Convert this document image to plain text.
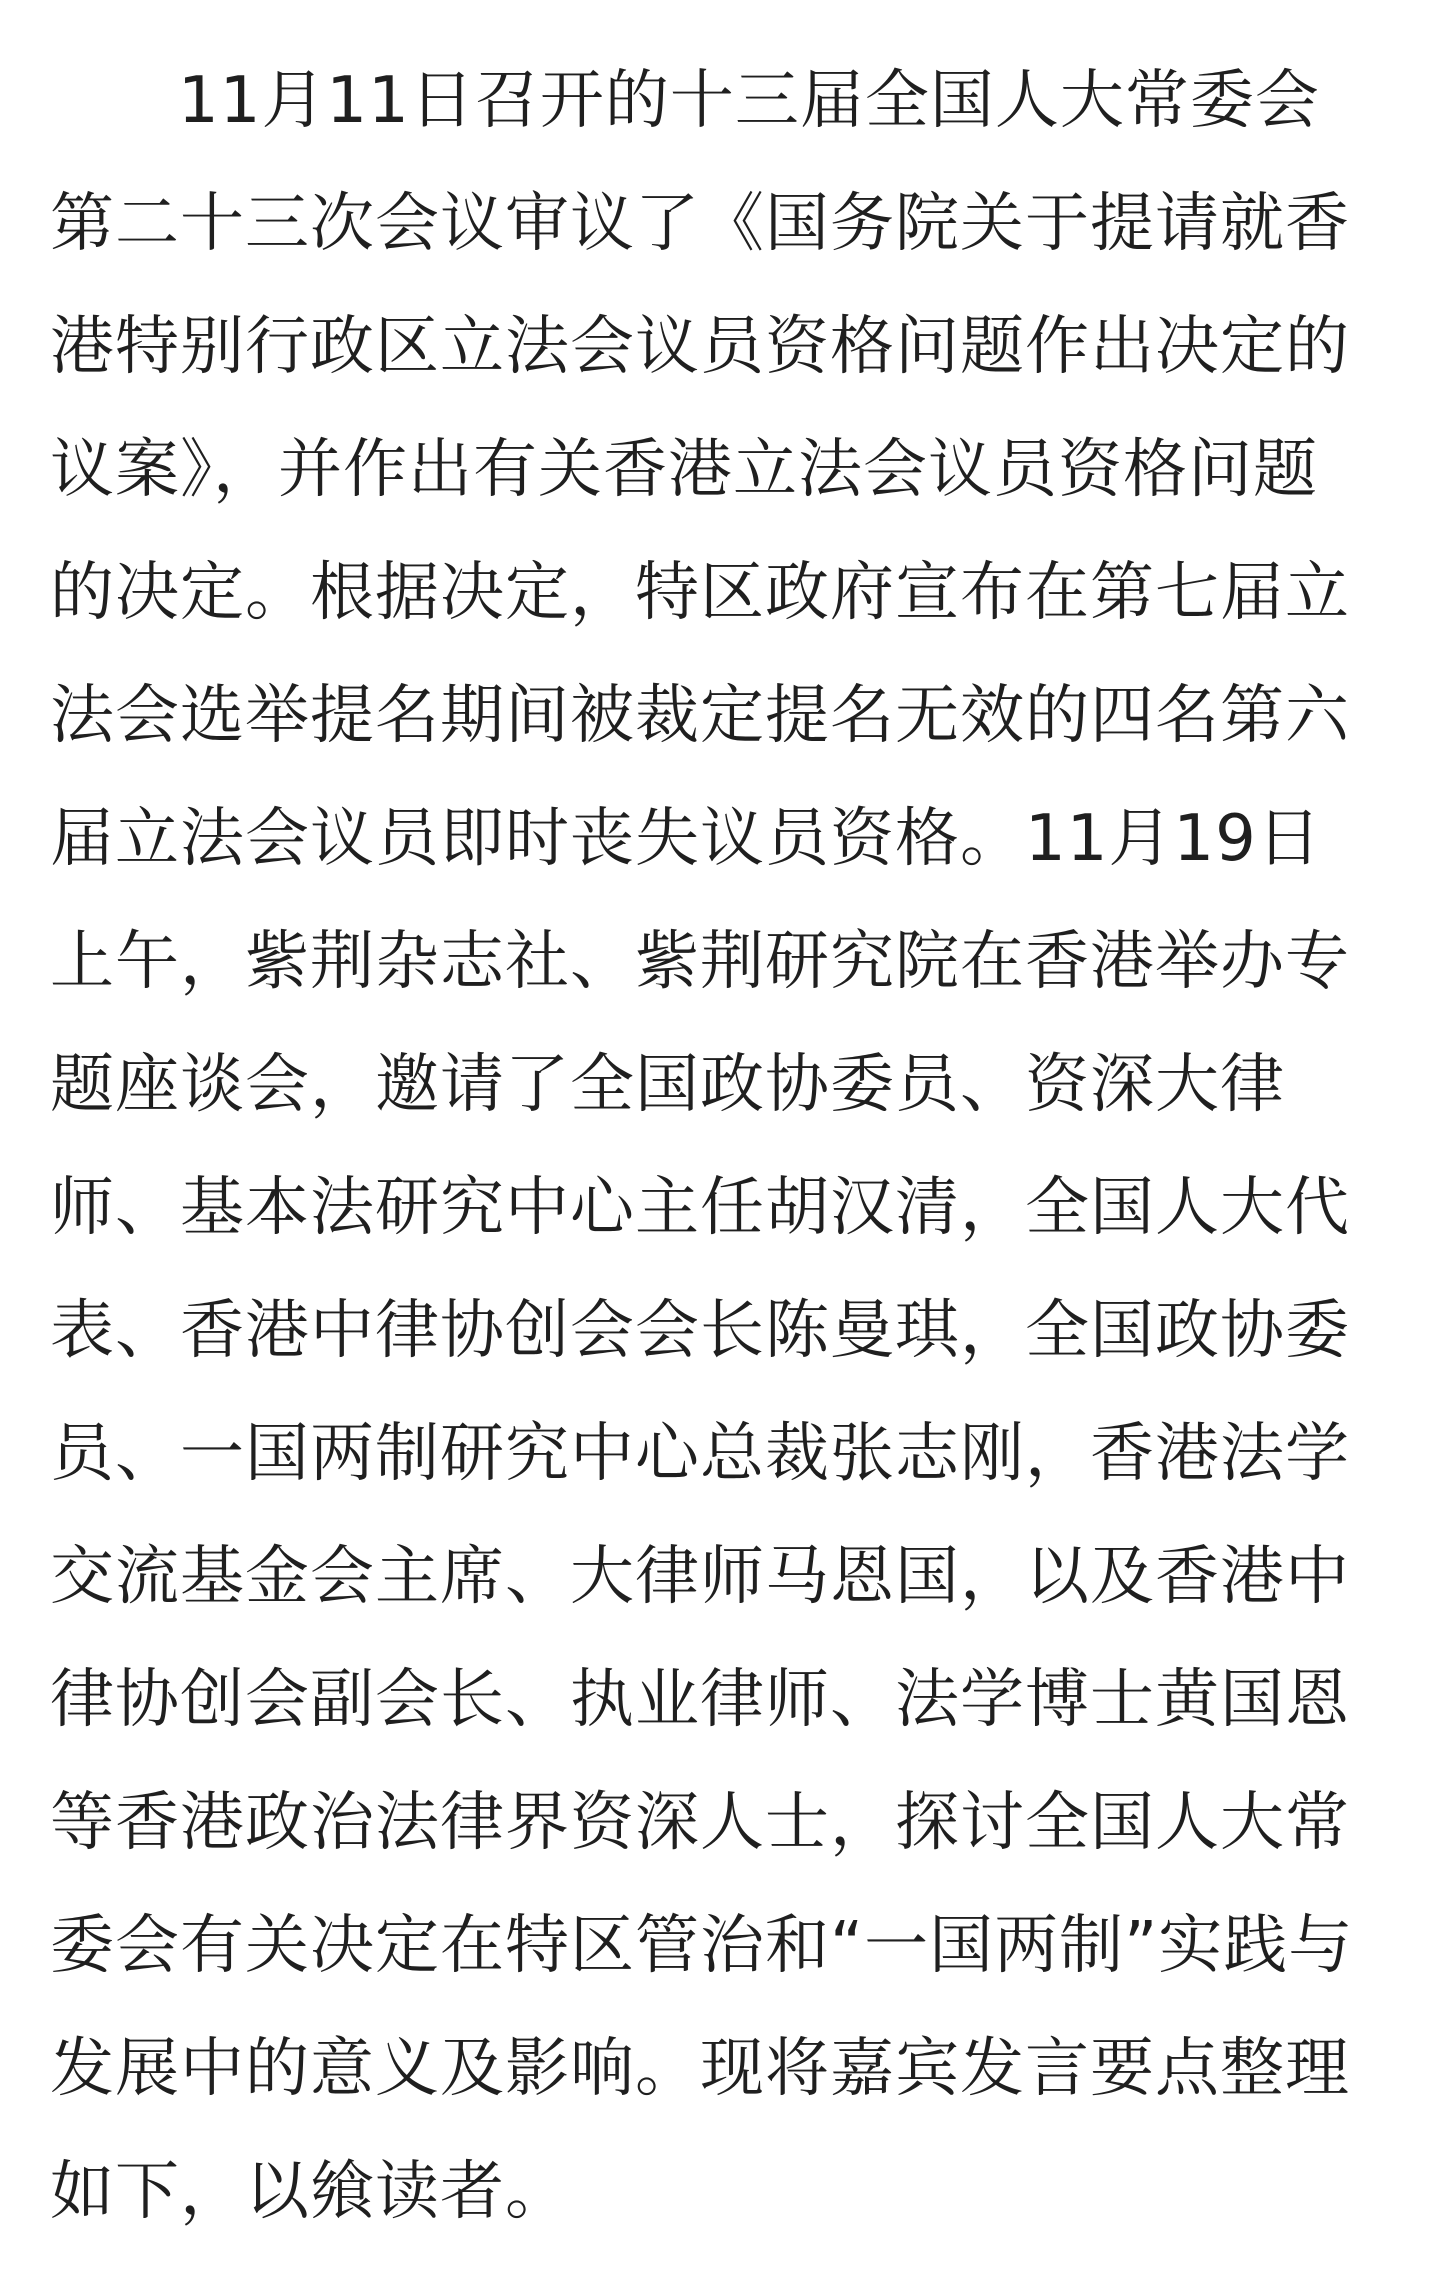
11月11日召开的十三届全国人大常委会
第二十三次会议审议了《国务院关于提请就香
港特别行政区立法会议员资格问题作出决定的
议案》，并作出有关香港立法会议员资格问题
的决定。根据决定，特区政府宣布在第七届立
法会选举提名期间被裁定提名无效的四名第六
届立法会议员即时丧失议员资格。11月19日
上午，紫荆杂志社、紫荆研究院在香港举办专
题座谈会，邀请了全国政协委员、资深大律
师、基本法研究中心主任胡汉清，全国人大代
表、香港中律协创会会长陈曼琪，全国政协委
员、一国两制研究中心总裁张志刚，香港法学
交流基金会主席、大律师马恩国，以及香港中
律协创会副会长、执业律师、法学博士黄国恩
等香港政治法律界资深人士，探讨全国人大常
委会有关决定在特区管治和“一国两制”实践与
发展中的意义及影响。现将嘉宾发言要点整理
如下，以飨读者。
